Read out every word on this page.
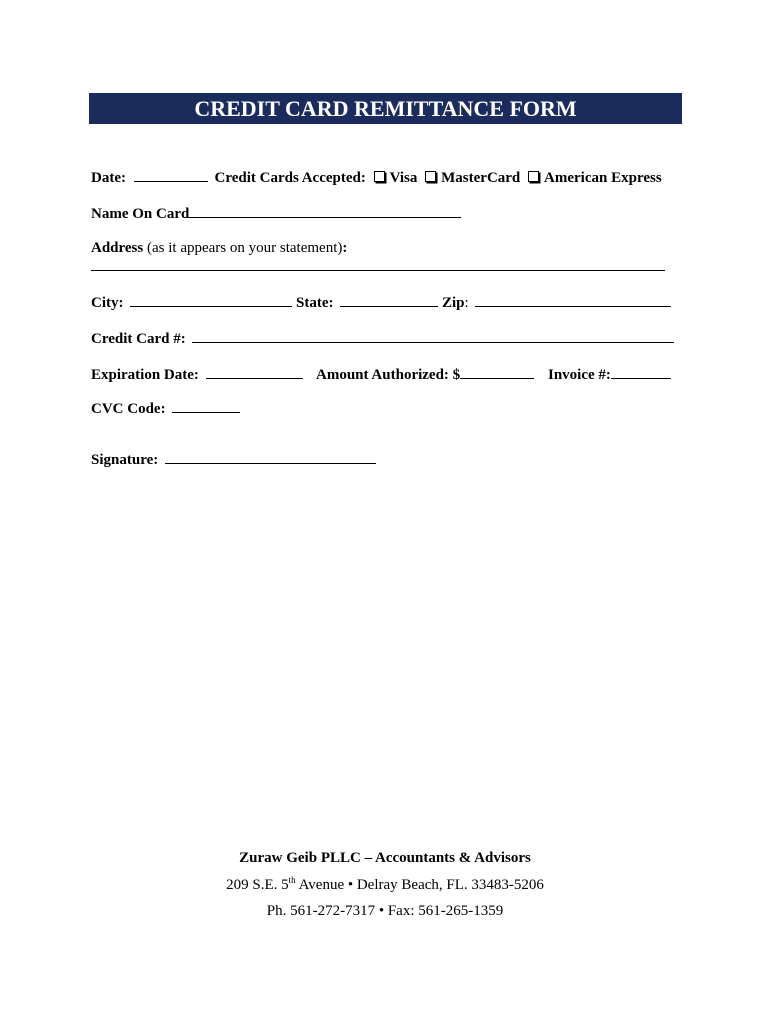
CREDIT CARD REMITTANCE FORM
Date:	Credit Cards Accepted: Visa MasterCard American Express
Name On Card
Address (as it appears on your statement):
City:	State:	Zip:
Credit Card #:
Expiration Date:	Amount Authorized: $	Invoice #:
CVC Code:
Signature:
Zuraw Geib PLLC – Accountants & Advisors
209 S.E. 5th Avenue • Delray Beach, FL. 33483-5206
Ph. 561-272-7317 • Fax: 561-265-1359
